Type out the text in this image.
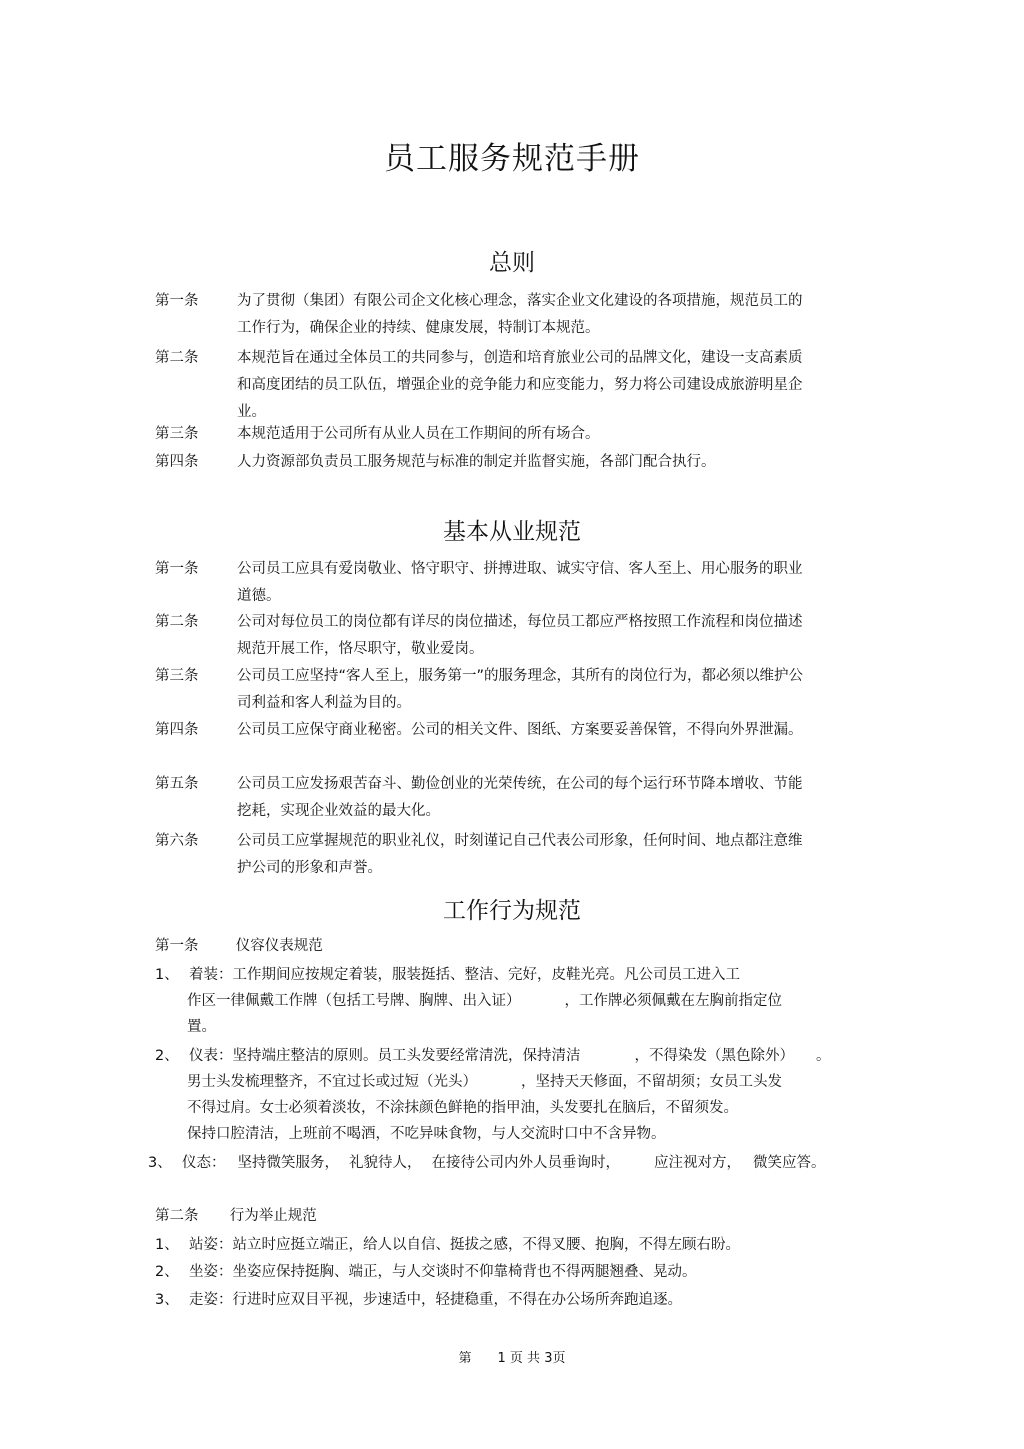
员工服务规范手册
总则
第一条	为了贯彻（集团）有限公司企文化核心理念，落实企业文化建设的各项措施，规范员工的工作行为，确保企业的持续、健康发展，特制订本规范。
第二条	本规范旨在通过全体员工的共同参与，创造和培育旅业公司的品牌文化，建设一支高素质和高度团结的员工队伍，增强企业的竞争能力和应变能力，努力将公司建设成旅游明星企业。
第三条	本规范适用于公司所有从业人员在工作期间的所有场合。
第四条	人力资源部负责员工服务规范与标准的制定并监督实施，各部门配合执行。
基本从业规范
第一条	公司员工应具有爱岗敬业、恪守职守、拼搏进取、诚实守信、客人至上、用心服务的职业道德。
第二条	公司对每位员工的岗位都有详尽的岗位描述，每位员工都应严格按照工作流程和岗位描述规范开展工作，恪尽职守，敬业爱岗。
第三条	公司员工应坚持“客人至上，服务第一”的服务理念，其所有的岗位行为，都必须以维护公司利益和客人利益为目的。
第四条	公司员工应保守商业秘密。公司的相关文件、图纸、方案要妥善保管，不得向外界泄漏。
第五条	公司员工应发扬艰苦奋斗、勤俭创业的光荣传统，在公司的每个运行环节降本增收、节能挖耗，实现企业效益的最大化。
第六条	公司员工应掌握规范的职业礼仪，时刻谨记自己代表公司形象，任何时间、地点都注意维护公司的形象和声誉。
工作行为规范
第一条	仪容仪表规范
1、 着装：工作期间应按规定着装，服装挺括、整洁、完好，皮鞋光亮。凡公司员工进入工
作区一律佩戴工作牌（包括工号牌、胸牌、出入证）	，工作牌必须佩戴在左胸前指定位
置。
2、 仪表：坚持端庄整洁的原则。员工头发要经常清洗，保持清洁	，不得染发（黑色除外） 。
男士头发梳理整齐，不宜过长或过短（光头）	，坚持天天修面，不留胡须；女员工头发
不得过肩。女士必须着淡妆，不涂抹颜色鲜艳的指甲油，头发要扎在脑后，不留须发。
保持口腔清洁，上班前不喝酒，不吃异味食物，与人交流时口中不含异物。
3、 仪态： 坚持微笑服务， 礼貌待人， 在接待公司内外人员垂询时， 应注视对方， 微笑应答。
第二条 行为举止规范
1、 站姿：站立时应挺立端正，给人以自信、挺拔之感，不得叉腰、抱胸，不得左顾右盼。
2、 坐姿：坐姿应保持挺胸、端正，与人交谈时不仰靠椅背也不得两腿翘叠、晃动。
3、 走姿：行进时应双目平视，步速适中，轻捷稳重，不得在办公场所奔跑追逐。
第 1 页 共 3页
